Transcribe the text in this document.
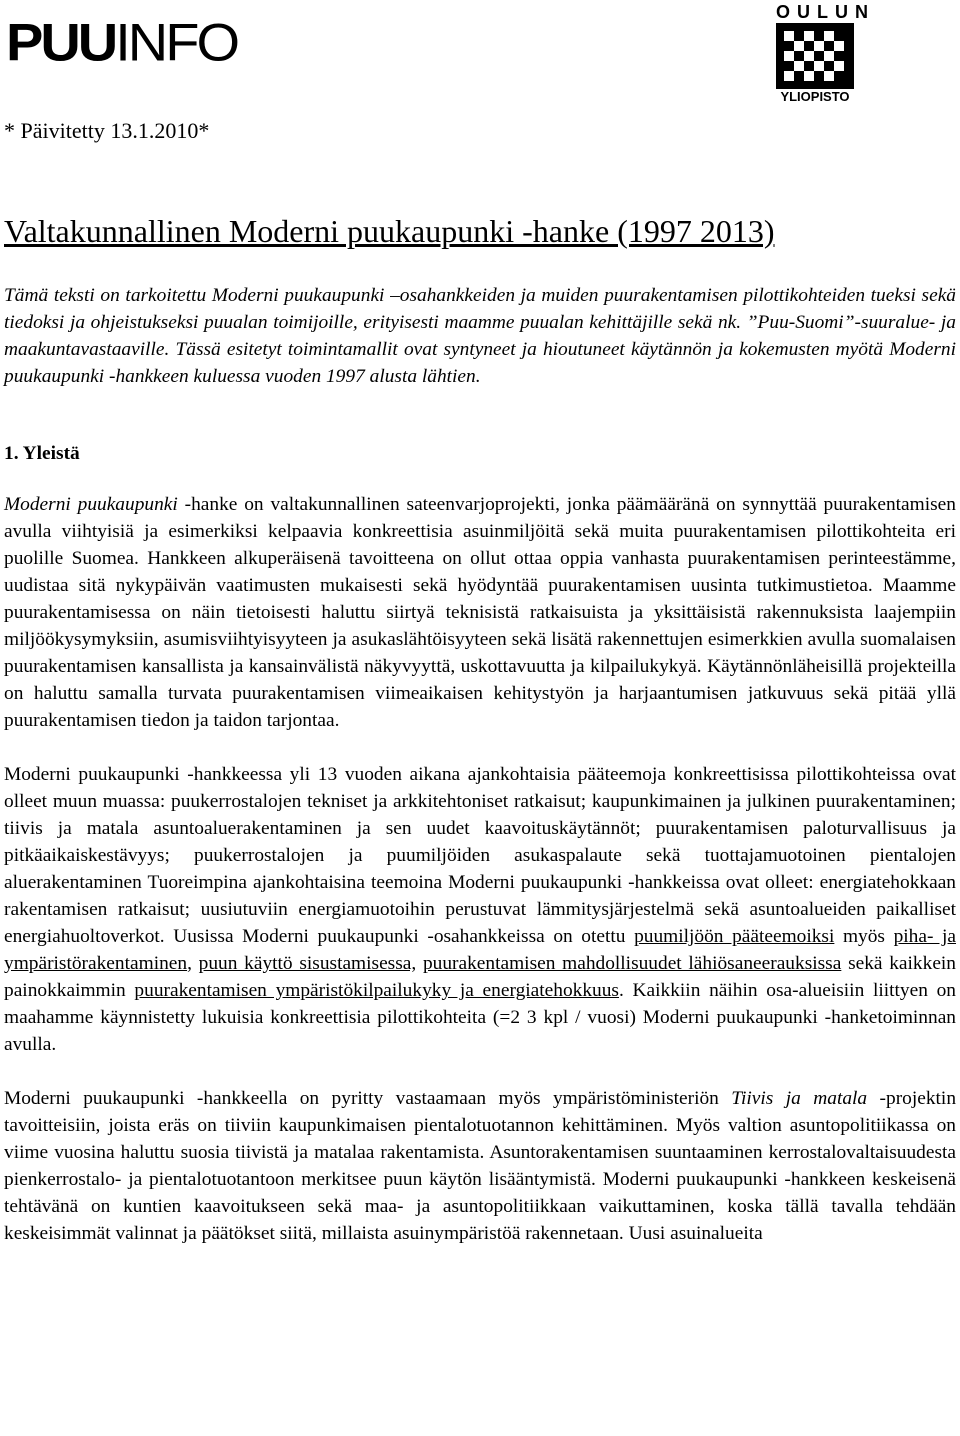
PUUINFO
OULUN
YLIOPISTO
* Päivitetty 13.1.2010*
Valtakunnallinen Moderni puukaupunki -hanke (1997 2013)

Tämä teksti on tarkoitettu Moderni puukaupunki –osahankkeiden ja muiden puurakentamisen pilottikohteiden tueksi sekä tiedoksi ja ohjeistukseksi puualan toimijoille, erityisesti maamme puualan kehittäjille sekä nk. ”Puu-Suomi”-suuralue- ja maakuntavastaaville. Tässä esitetyt toimintamallit ovat syntyneet ja hioutuneet käytännön ja kokemusten myötä Moderni puukaupunki -hankkeen kuluessa vuoden 1997 alusta lähtien.

1. Yleistä

Moderni puukaupunki -hanke on valtakunnallinen sateenvarjoprojekti, jonka päämääränä on synnyttää puurakentamisen avulla viihtyisiä ja esimerkiksi kelpaavia konkreettisia asuinmiljöitä sekä muita puurakentamisen pilottikohteita eri puolille Suomea. Hankkeen alkuperäisenä tavoitteena on ollut ottaa oppia vanhasta puurakentamisen perinteestämme, uudistaa sitä nykypäivän vaatimusten mukaisesti sekä hyödyntää puurakentamisen uusinta tutkimustietoa. Maamme puurakentamisessa on näin tietoisesti haluttu siirtyä teknisistä ratkaisuista ja yksittäisistä rakennuksista laajempiin miljöökysymyksiin, asumisviihtyisyyteen ja asukaslähtöisyyteen sekä lisätä rakennettujen esimerkkien avulla suomalaisen puurakentamisen kansallista ja kansainvälistä näkyvyyttä, uskottavuutta ja kilpailukykyä. Käytännönläheisillä projekteilla on haluttu samalla turvata puurakentamisen viimeaikaisen kehitystyön ja harjaantumisen jatkuvuus sekä pitää yllä puurakentamisen tiedon ja taidon tarjontaa.

Moderni puukaupunki -hankkeessa yli 13 vuoden aikana ajankohtaisia pääteemoja konkreettisissa pilottikohteissa ovat olleet muun muassa: puukerrostalojen tekniset ja arkkitehtoniset ratkaisut; kaupunkimainen ja julkinen puurakentaminen; tiivis ja matala asuntoaluerakentaminen ja sen uudet kaavoituskäytännöt; puurakentamisen paloturvallisuus ja pitkäaikaiskestävyys; puukerrostalojen ja puumiljöiden asukaspalaute sekä tuottajamuotoinen pientalojen aluerakentaminen Tuoreimpina ajankohtaisina teemoina Moderni puukaupunki -hankkeissa ovat olleet: energiatehokkaan rakentamisen ratkaisut; uusiutuviin energiamuotoihin perustuvat lämmitysjärjestelmä sekä asuntoalueiden paikalliset energiahuoltoverkot. Uusissa Moderni puukaupunki -osahankkeissa on otettu puumiljöön pääteemoiksi myös piha- ja ympäristörakentaminen, puun käyttö sisustamisessa, puurakentamisen mahdollisuudet lähiösaneerauksissa sekä kaikkein painokkaimmin puurakentamisen ympäristökilpailukyky ja energiatehokkuus. Kaikkiin näihin osa-alueisiin liittyen on maahamme käynnistetty lukuisia konkreettisia pilottikohteita (=2 3 kpl / vuosi) Moderni puukaupunki -hanketoiminnan avulla.

Moderni puukaupunki -hankkeella on pyritty vastaamaan myös ympäristöministeriön Tiivis ja matala -projektin tavoitteisiin, joista eräs on tiiviin kaupunkimaisen pientalotuotannon kehittäminen. Myös valtion asuntopolitiikassa on viime vuosina haluttu suosia tiivistä ja matalaa rakentamista. Asuntorakentamisen suuntaaminen kerrostalovaltaisuudesta pienkerrostalo- ja pientalotuotantoon merkitsee puun käytön lisääntymistä. Moderni puukaupunki -hankkeen keskeisenä tehtävänä on kuntien kaavoitukseen sekä maa- ja asuntopolitiikkaan vaikuttaminen, koska tällä tavalla tehdään keskeisimmät valinnat ja päätökset siitä, millaista asuinympäristöä rakennetaan. Uusi asuinalueita
